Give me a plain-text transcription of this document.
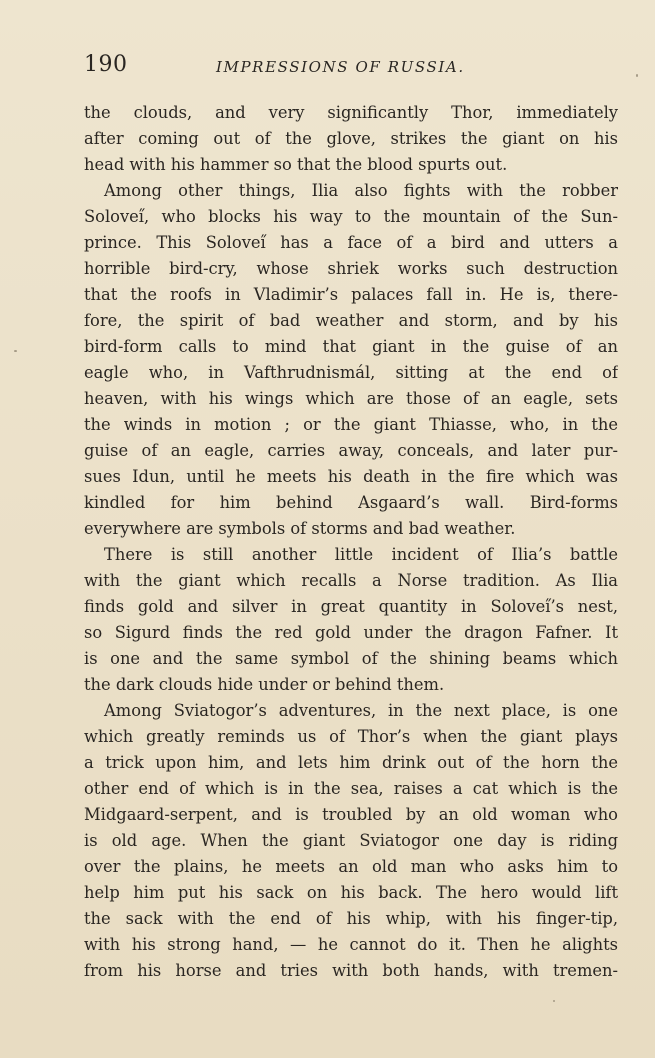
190	IMPRESSIONS OF RUSSIA.
the clouds, and very significantly Thor, immediately
after coming out of the glove, strikes the giant on his
head with his hammer so that the blood spurts out.
Among other things, Ilia also fights with the robber
Solovei̋, who blocks his way to the mountain of the Sun-
prince. This Solovei̋ has a face of a bird and utters a
horrible bird-cry, whose shriek works such destruction
that the roofs in Vladimir’s palaces fall in. He is, there-
fore, the spirit of bad weather and storm, and by his
bird-form calls to mind that giant in the guise of an
eagle who, in Vafthrudnismál, sitting at the end of
heaven, with his wings which are those of an eagle, sets
the winds in motion ; or the giant Thiasse, who, in the
guise of an eagle, carries away, conceals, and later pur-
sues Idun, until he meets his death in the fire which was
kindled for him behind Asgaard’s wall. Bird-forms
everywhere are symbols of storms and bad weather.
There is still another little incident of Ilia’s battle
with the giant which recalls a Norse tradition. As Ilia
finds gold and silver in great quantity in Solovei̋’s nest,
so Sigurd finds the red gold under the dragon Fafner. It
is one and the same symbol of the shining beams which
the dark clouds hide under or behind them.
Among Sviatogor’s adventures, in the next place, is one
which greatly reminds us of Thor’s when the giant plays
a trick upon him, and lets him drink out of the horn the
other end of which is in the sea, raises a cat which is the
Midgaard-serpent, and is troubled by an old woman who
is old age. When the giant Sviatogor one day is riding
over the plains, he meets an old man who asks him to
help him put his sack on his back. The hero would lift
the sack with the end of his whip, with his finger-tip,
with his strong hand, — he cannot do it. Then he alights
from his horse and tries with both hands, with tremen-
